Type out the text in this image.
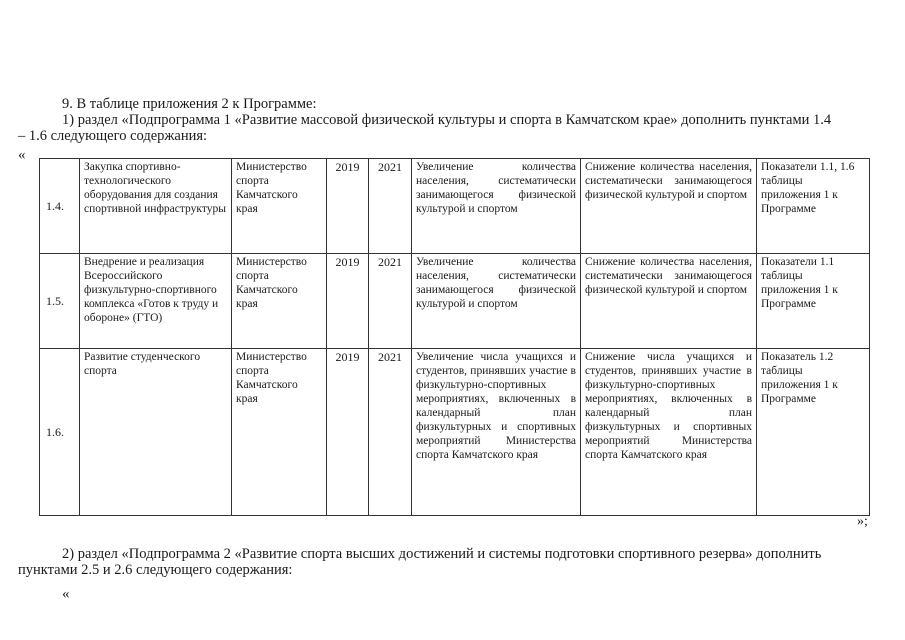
9. В таблице приложения 2 к Программе:
1) раздел «Подпрограмма 1 «Развитие массовой физической культуры и спорта в Камчатском крае» дополнить пунктами 1.4
– 1.6 следующего содержания:
«
1.4.	Закупка спортивно-технологического оборудования для создания спортивной инфраструктуры	Министерство спорта Камчатского края	2019	2021	Увеличение количества населения, систематически занимающегося физической культурой и спортом	Снижение количества населения, систематически занимающегося физической культурой и спортом	Показатели 1.1, 1.6 таблицы приложения 1 к Программе
1.5.	Внедрение и реализация Всероссийского физкультурно-спортивного комплекса «Готов к труду и обороне» (ГТО)	Министерство спорта Камчатского края	2019	2021	Увеличение количества населения, систематически занимающегося физической культурой и спортом	Снижение количества населения, систематически занимающегося физической культурой и спортом	Показатели 1.1 таблицы приложения 1 к Программе
1.6.	Развитие студенческого спорта	Министерство спорта Камчатского края	2019	2021	Увеличение числа учащихся и студентов, принявших участие в физкультурно-спортивных мероприятиях, включенных в календарный план физкультурных и спортивных мероприятий Министерства спорта Камчатского края	Снижение числа учащихся и студентов, принявших участие в физкультурно-спортивных мероприятиях, включенных в календарный план физкультурных и спортивных мероприятий Министерства спорта Камчатского края	Показатель 1.2 таблицы приложения 1 к Программе
»;
2) раздел «Подпрограмма 2 «Развитие спорта высших достижений и системы подготовки спортивного резерва» дополнить
пунктами 2.5 и 2.6 следующего содержания:
«
